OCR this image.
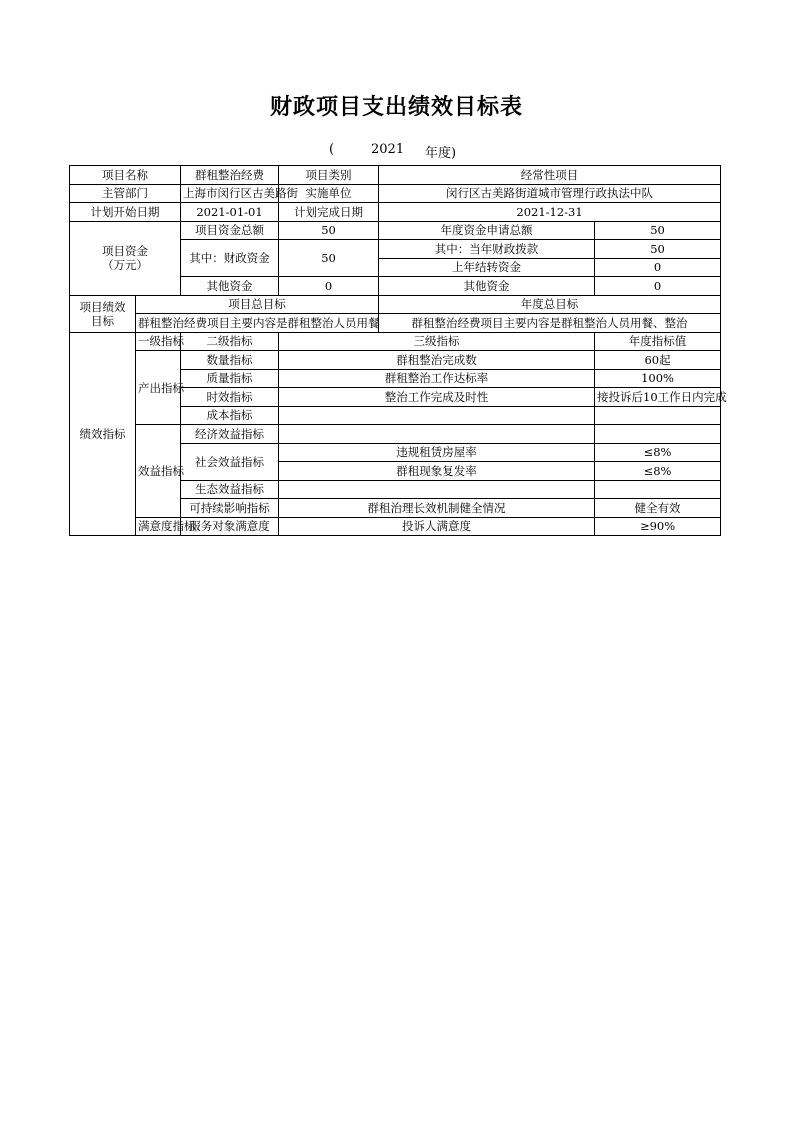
财政项目支出绩效目标表
(	2021 年度)
项目名称		群租整治经费	项目类别	经常性项目	
主管部门		上海市闵行区古美路街	实施单位	闵行区古美路街道城市管理行政执法中队	
计划开始日期		2021-01-01	计划完成日期	2021-12-31	
项目资金
（万元）		项目资金总额	50	年度资金申请总额	50
		其中：财政资金	50	其中：当年财政拨款	50
				上年结转资金	0
		其他资金	0	其他资金	0
项目绩效
目标	项目总目标			年度总目标	
	群租整治经费项目主要内容是群租整治人员用餐			群租整治经费项目主要内容是群租整治人员用餐、整治	
绩效指标	一级指标	二级指标	三级指标		年度指标值
	产出指标	数量指标	群租整治完成数		60起
		质量指标	群租整治工作达标率		100%
		时效指标	整治工作完成及时性		接投诉后10工作日内完成
		成本指标			
	效益指标	经济效益指标			
		社会效益指标	违规租赁房屋率		≤8%
			群租现象复发率		≤8%
		生态效益指标			
		可持续影响指标	群租治理长效机制健全情况		健全有效
	满意度指标	服务对象满意度	投诉人满意度		≥90%
